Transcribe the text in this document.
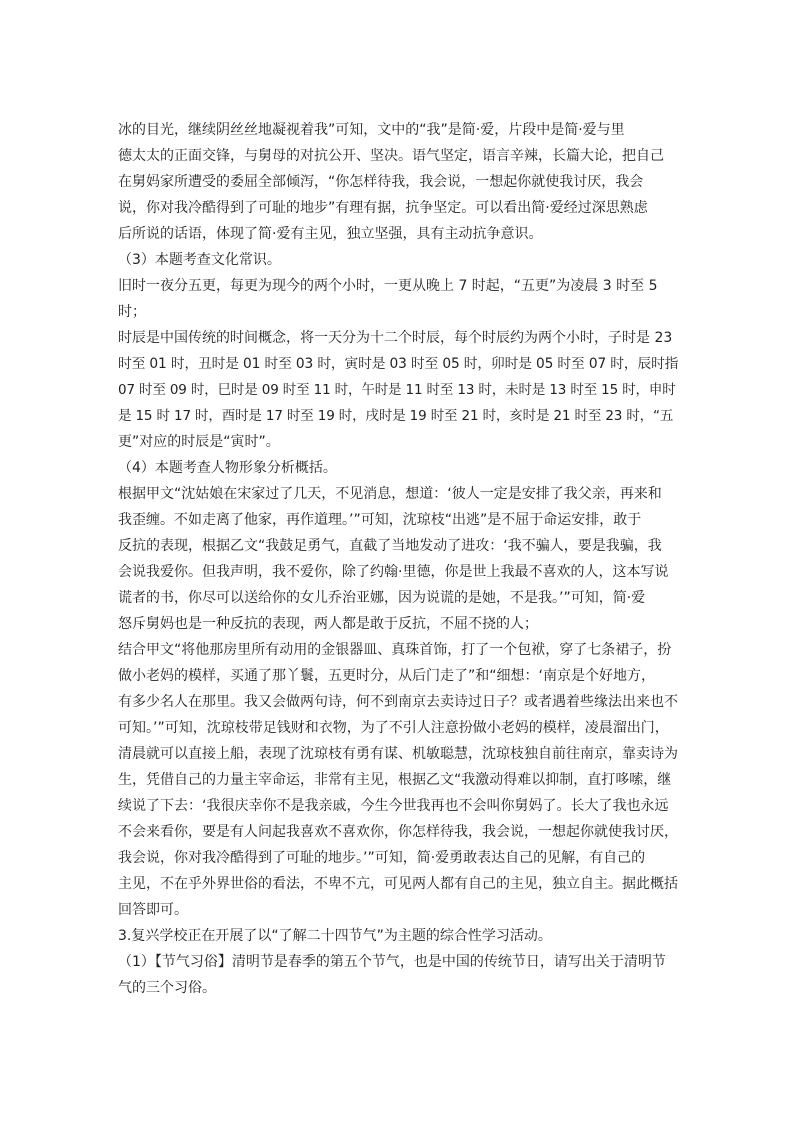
冰的目光，继续阴丝丝地凝视着我”可知，文中的“我”是简·爱，片段中是简·爱与里
德太太的正面交锋，与舅母的对抗公开、坚决。语气坚定，语言辛辣，长篇大论，把自己
在舅妈家所遭受的委屈全部倾泻，“你怎样待我，我会说，一想起你就使我讨厌，我会
说，你对我冷酷得到了可耻的地步”有理有据，抗争坚定。可以看出简·爱经过深思熟虑
后所说的话语，体现了简·爱有主见，独立坚强，具有主动抗争意识。
（3）本题考查文化常识。
旧时一夜分五更，每更为现今的两个小时，一更从晚上 7 时起，“五更”为凌晨 3 时至 5
时；
时辰是中国传统的时间概念，将一天分为十二个时辰，每个时辰约为两个小时，子时是 23
时至 01 时，丑时是 01 时至 03 时，寅时是 03 时至 05 时，卯时是 05 时至 07 时，辰时指
07 时至 09 时，巳时是 09 时至 11 时，午时是 11 时至 13 时，未时是 13 时至 15 时，申时
是 15 时 17 时，酉时是 17 时至 19 时，戌时是 19 时至 21 时，亥时是 21 时至 23 时，“五
更”对应的时辰是“寅时”。
（4）本题考查人物形象分析概括。
根据甲文“沈姑娘在宋家过了几天，不见消息，想道：‘彼人一定是安排了我父亲，再来和
我歪缠。不如走离了他家，再作道理。’”可知，沈琼枝“出逃”是不屈于命运安排，敢于
反抗的表现，根据乙文“我鼓足勇气，直截了当地发动了进攻：‘我不骗人，要是我骗，我
会说我爱你。但我声明，我不爱你，除了约翰·里德，你是世上我最不喜欢的人，这本写说
谎者的书，你尽可以送给你的女儿乔治亚娜，因为说谎的是她，不是我。’”可知，简·爱
怒斥舅妈也是一种反抗的表现，两人都是敢于反抗，不屈不挠的人；
结合甲文“将他那房里所有动用的金银器皿、真珠首饰，打了一个包袱，穿了七条裙子，扮
做小老妈的模样，买通了那丫鬟，五更时分，从后门走了”和“细想：‘南京是个好地方，
有多少名人在那里。我又会做两句诗，何不到南京去卖诗过日子？或者遇着些缘法出来也不
可知。’”可知，沈琼枝带足钱财和衣物，为了不引人注意扮做小老妈的模样，凌晨溜出门，
清晨就可以直接上船，表现了沈琼枝有勇有谋、机敏聪慧，沈琼枝独自前往南京，靠卖诗为
生，凭借自己的力量主宰命运，非常有主见，根据乙文“我激动得难以抑制，直打哆嗦，继
续说了下去：‘我很庆幸你不是我亲戚，今生今世我再也不会叫你舅妈了。长大了我也永远
不会来看你，要是有人问起我喜欢不喜欢你，你怎样待我，我会说，一想起你就使我讨厌，
我会说，你对我冷酷得到了可耻的地步。’”可知，简·爱勇敢表达自己的见解，有自己的
主见，不在乎外界世俗的看法，不卑不亢，可见两人都有自己的主见，独立自主。据此概括
回答即可。
3.复兴学校正在开展了以“了解二十四节气”为主题的综合性学习活动。
（1）【节气习俗】清明节是春季的第五个节气，也是中国的传统节日，请写出关于清明节
气的三个习俗。
